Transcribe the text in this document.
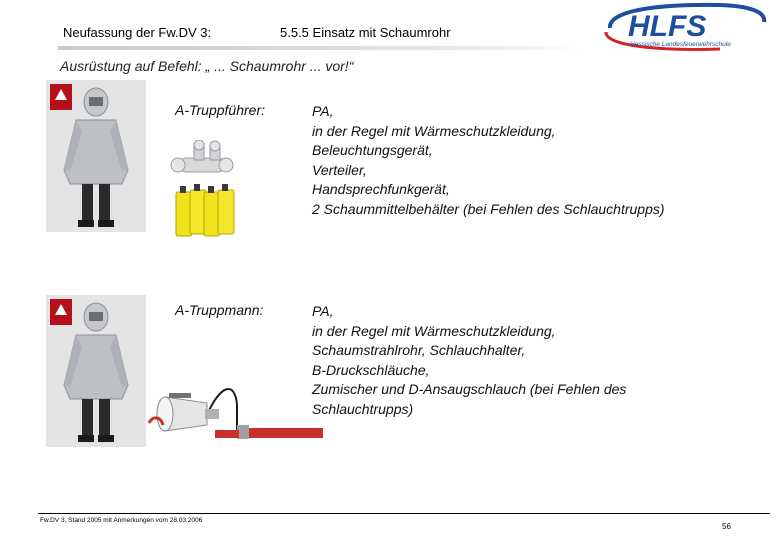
Neufassung der Fw.DV 3:	5.5.5 Einsatz mit Schaumrohr	HLFS
Hessische Landesfeuerwehrschule
Ausrüstung auf Befehl: „ ... Schaumrohr ... vor!“
A-Truppführer:	PA,
in der Regel mit Wärmeschutzkleidung,
Beleuchtungsgerät,
Verteiler,
Handsprechfunkgerät,
2 Schaummittelbehälter (bei Fehlen des Schlauchtrupps)
A-Truppmann:	PA,
in der Regel mit Wärmeschutzkleidung,
Schaumstrahlrohr, Schlauchhalter,
B-Druckschläuche,
Zumischer und D-Ansaugschlauch (bei Fehlen des
Schlauchtrupps)
Fw.DV 3, Stand 2005 mit Anmerkungen vom 28.03.2006
56
